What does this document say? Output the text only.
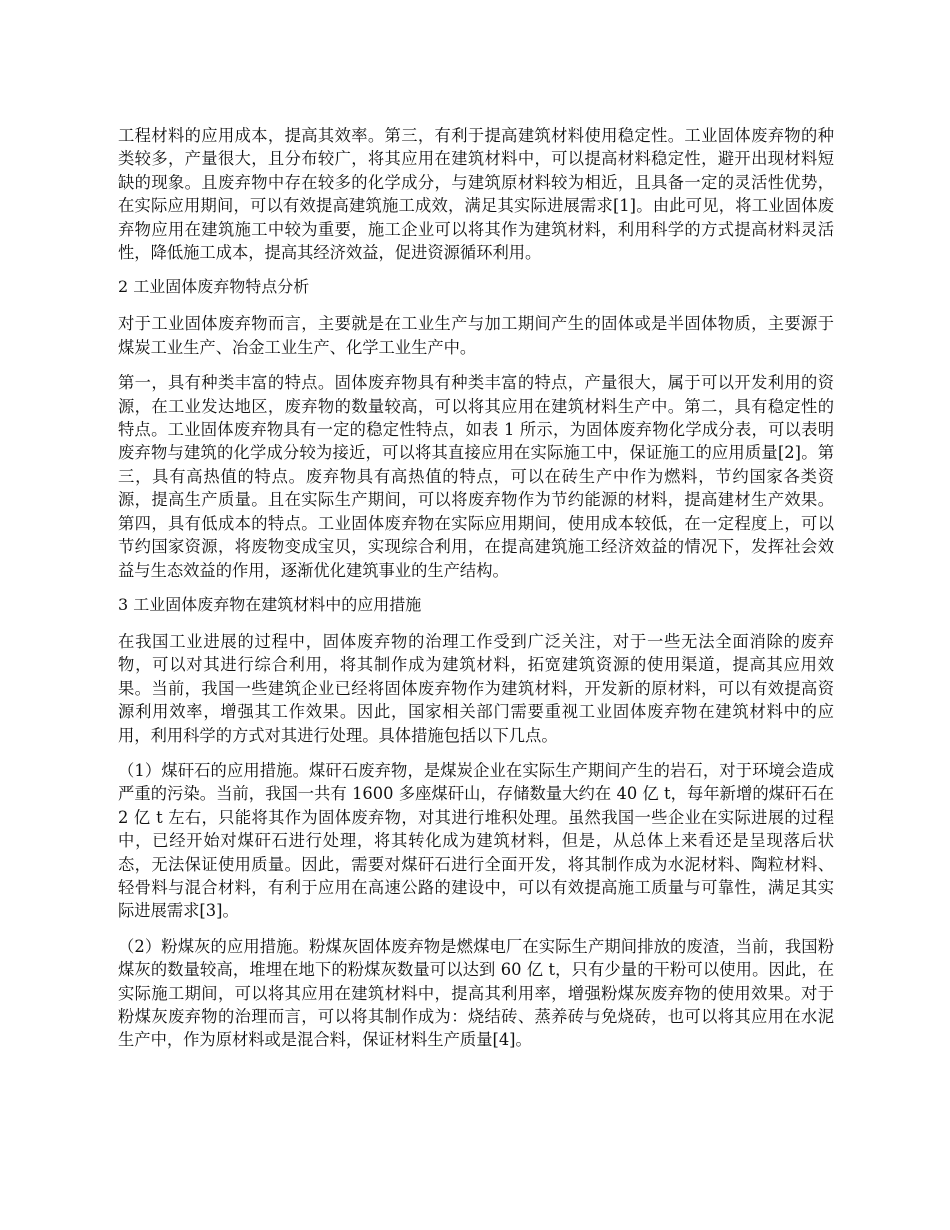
工程材料的应用成本，提高其效率。第三，有利于提高建筑材料使用稳定性。工业固体废弃物的种类较多，产量很大，且分布较广，将其应用在建筑材料中，可以提高材料稳定性，避开出现材料短缺的现象。且废弃物中存在较多的化学成分，与建筑原材料较为相近，且具备一定的灵活性优势，在实际应用期间，可以有效提高建筑施工成效，满足其实际进展需求[1]。由此可见，将工业固体废弃物应用在建筑施工中较为重要，施工企业可以将其作为建筑材料，利用科学的方式提高材料灵活性，降低施工成本，提高其经济效益，促进资源循环利用。

2 工业固体废弃物特点分析

对于工业固体废弃物而言，主要就是在工业生产与加工期间产生的固体或是半固体物质，主要源于煤炭工业生产、冶金工业生产、化学工业生产中。

第一，具有种类丰富的特点。固体废弃物具有种类丰富的特点，产量很大，属于可以开发利用的资源，在工业发达地区，废弃物的数量较高，可以将其应用在建筑材料生产中。第二，具有稳定性的特点。工业固体废弃物具有一定的稳定性特点，如表 1 所示，为固体废弃物化学成分表，可以表明废弃物与建筑的化学成分较为接近，可以将其直接应用在实际施工中，保证施工的应用质量[2]。第三，具有高热值的特点。废弃物具有高热值的特点，可以在砖生产中作为燃料，节约国家各类资源，提高生产质量。且在实际生产期间，可以将废弃物作为节约能源的材料，提高建材生产效果。第四，具有低成本的特点。工业固体废弃物在实际应用期间，使用成本较低，在一定程度上，可以节约国家资源，将废物变成宝贝，实现综合利用，在提高建筑施工经济效益的情况下，发挥社会效益与生态效益的作用，逐渐优化建筑事业的生产结构。

3 工业固体废弃物在建筑材料中的应用措施

在我国工业进展的过程中，固体废弃物的治理工作受到广泛关注，对于一些无法全面消除的废弃物，可以对其进行综合利用，将其制作成为建筑材料，拓宽建筑资源的使用渠道，提高其应用效果。当前，我国一些建筑企业已经将固体废弃物作为建筑材料，开发新的原材料，可以有效提高资源利用效率，增强其工作效果。因此，国家相关部门需要重视工业固体废弃物在建筑材料中的应用，利用科学的方式对其进行处理。具体措施包括以下几点。

（1）煤矸石的应用措施。煤矸石废弃物，是煤炭企业在实际生产期间产生的岩石，对于环境会造成严重的污染。当前，我国一共有 1600 多座煤矸山，存储数量大约在 40 亿 t，每年新增的煤矸石在 2 亿 t 左右，只能将其作为固体废弃物，对其进行堆积处理。虽然我国一些企业在实际进展的过程中，已经开始对煤矸石进行处理，将其转化成为建筑材料，但是，从总体上来看还是呈现落后状态，无法保证使用质量。因此，需要对煤矸石进行全面开发，将其制作成为水泥材料、陶粒材料、轻骨料与混合材料，有利于应用在高速公路的建设中，可以有效提高施工质量与可靠性，满足其实际进展需求[3]。

（2）粉煤灰的应用措施。粉煤灰固体废弃物是燃煤电厂在实际生产期间排放的废渣，当前，我国粉煤灰的数量较高，堆埋在地下的粉煤灰数量可以达到 60 亿 t，只有少量的干粉可以使用。因此，在实际施工期间，可以将其应用在建筑材料中，提高其利用率，增强粉煤灰废弃物的使用效果。对于粉煤灰废弃物的治理而言，可以将其制作成为：烧结砖、蒸养砖与免烧砖，也可以将其应用在水泥生产中，作为原材料或是混合料，保证材料生产质量[4]。
